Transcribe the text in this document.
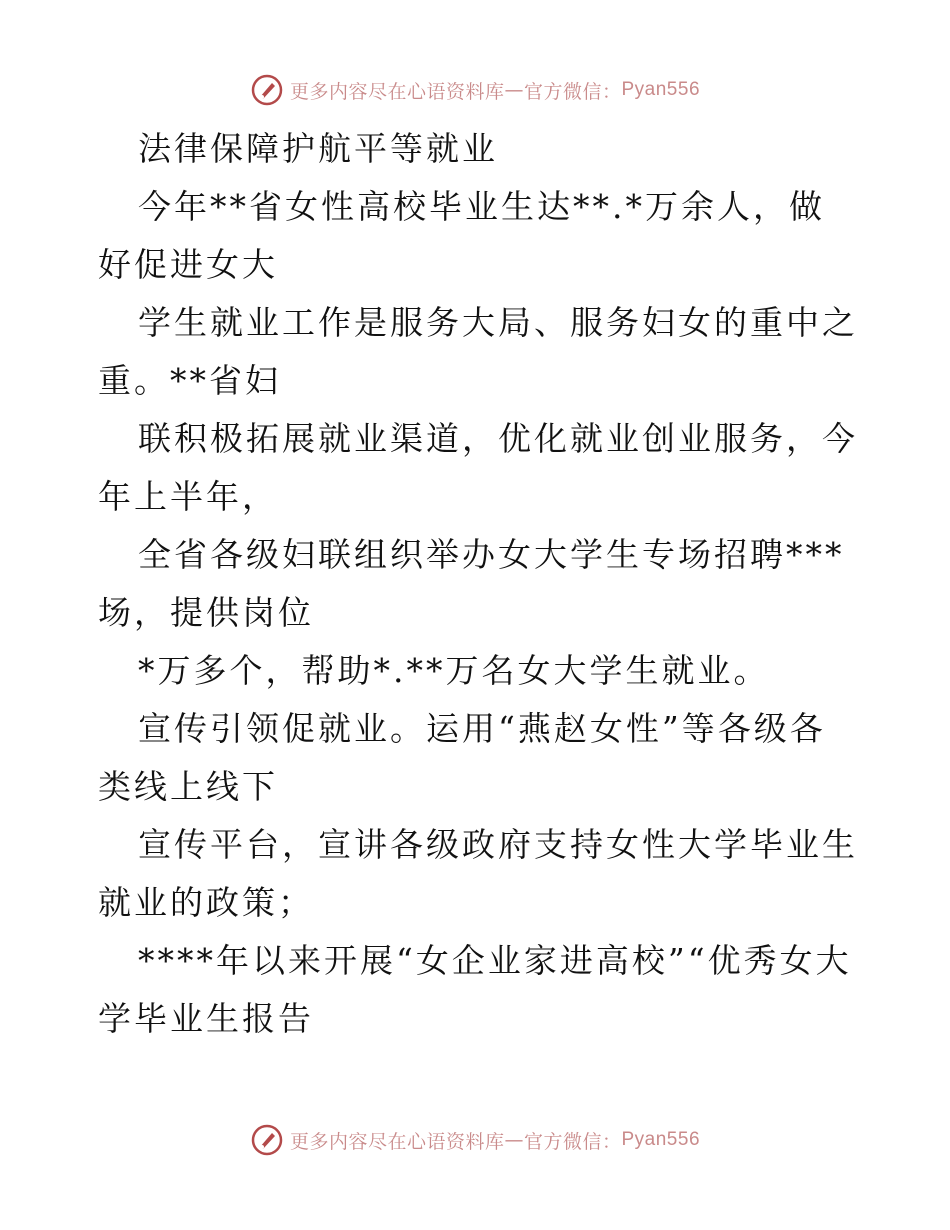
更多内容尽在心语资料库 — 官方微信： Pyan556

法律保障护航平等就业

今年**省女性高校毕业生达**.*万余人，做好促进女大

学生就业工作是服务大局、服务妇女的重中之重。**省妇

联积极拓展就业渠道，优化就业创业服务，今年上半年，

全省各级妇联组织举办女大学生专场招聘***场，提供岗位

*万多个，帮助*.**万名女大学生就业。

宣传引领促就业。运用“燕赵女性”等各级各类线上线下

宣传平台，宣讲各级政府支持女性大学毕业生就业的政策；

****年以来开展“女企业家进高校”“优秀女大学毕业生报告

更多内容尽在心语资料库 — 官方微信： Pyan556
